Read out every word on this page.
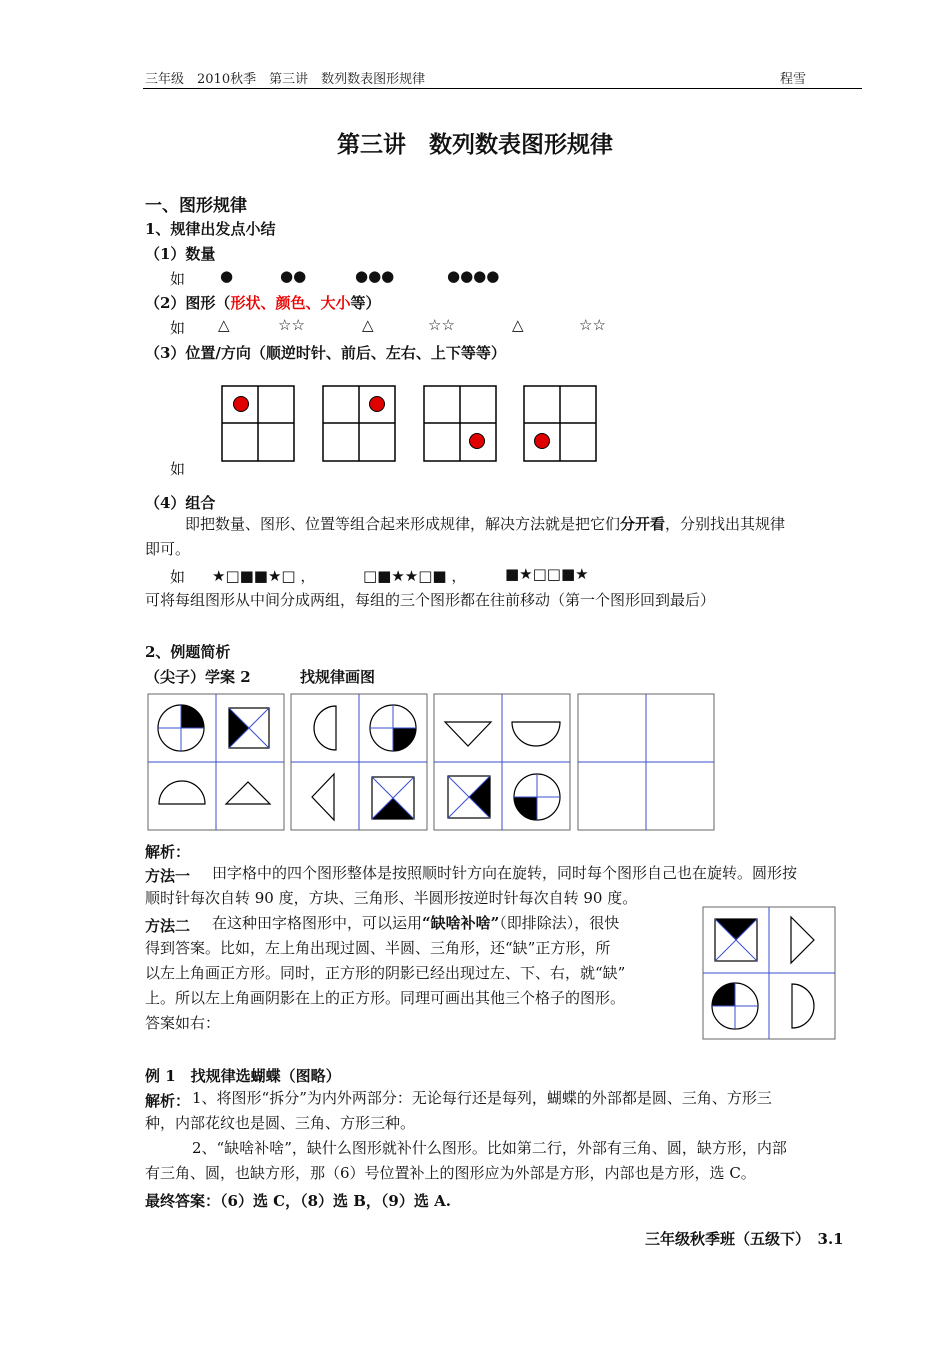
三年级　2010秋季　第三讲　数列数表图形规律	程雪
第三讲　数列数表图形规律
一、图形规律
1、规律出发点小结
（1）数量
如 ●	●●	●●●	●●●●
（2）图形（形状、颜色、大小等）
如 △	☆☆	△	☆☆	△	☆☆
（3）位置/方向（顺逆时针、前后、左右、上下等等）
如
（4）组合
即把数量、图形、位置等组合起来形成规律，解决方法就是把它们分开看，分别找出其规律
即可。
如 ★□■■★□ ，	□■★★□■ ，	■★□□■★
可将每组图形从中间分成两组，每组的三个图形都在往前移动（第一个图形回到最后）
2、例题简析
（尖子）学案 2	找规律画图
解析：
方法一 田字格中的四个图形整体是按照顺时针方向在旋转，同时每个图形自己也在旋转。圆形按
顺时针每次自转 90 度，方块、三角形、半圆形按逆时针每次自转 90 度。
方法二 在这种田字格图形中，可以运用“缺啥补啥”（即排除法），很快
得到答案。比如，左上角出现过圆、半圆、三角形，还“缺”正方形，所
以左上角画正方形。同时，正方形的阴影已经出现过左、下、右，就“缺”
上。所以左上角画阴影在上的正方形。同理可画出其他三个格子的图形。
答案如右：
例 1　找规律选蝴蝶（图略）
解析： 1、将图形“拆分”为内外两部分：无论每行还是每列，蝴蝶的外部都是圆、三角、方形三
种，内部花纹也是圆、三角、方形三种。
2、“缺啥补啥”，缺什么图形就补什么图形。比如第二行，外部有三角、圆，缺方形，内部
有三角、圆，也缺方形，那（6）号位置补上的图形应为外部是方形，内部也是方形，选 C。
最终答案：（6）选 C，（8）选 B，（9）选 A.
三年级秋季班（五级下）　3.1
